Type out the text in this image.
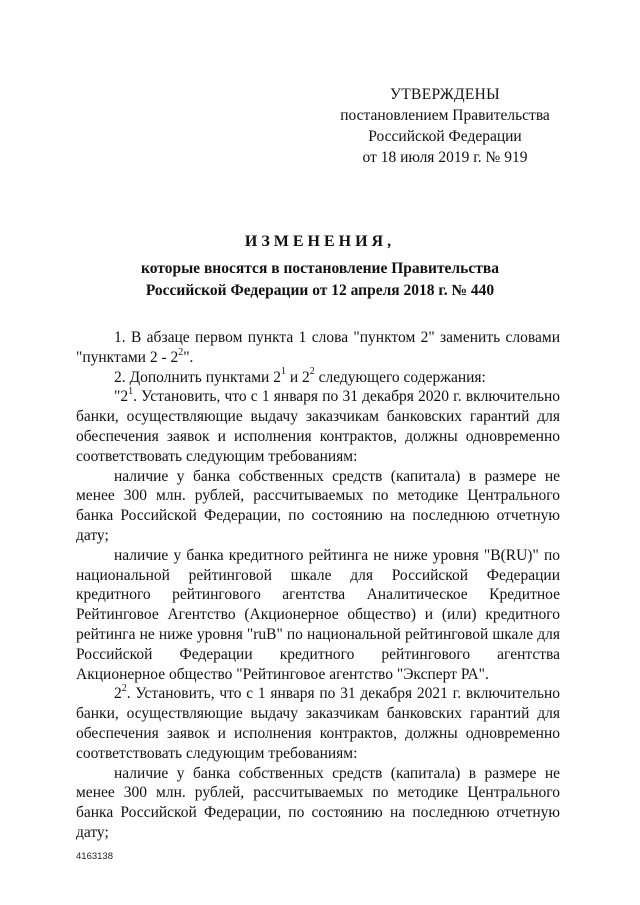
УТВЕРЖДЕНЫ
постановлением Правительства
Российской Федерации
от 18 июля 2019 г. № 919
ИЗМЕНЕНИЯ,
которые вносятся в постановление Правительства
Российской Федерации от 12 апреля 2018 г. № 440

1. В абзаце первом пункта 1 слова "пунктом 2" заменить словами "пунктами $2 - 2^2$".

2. Дополнить пунктами $2^1$ и $2^2$ следующего содержания:

"$2^1$. Установить, что с 1 января по 31 декабря 2020 г. включительно банки, осуществляющие выдачу заказчикам банковских гарантий для обеспечения заявок и исполнения контрактов, должны одновременно соответствовать следующим требованиям:

наличие у банка собственных средств (капитала) в размере не менее 300 млн. рублей, рассчитываемых по методике Центрального банка Российской Федерации, по состоянию на последнюю отчетную дату;

наличие у банка кредитного рейтинга не ниже уровня "B(RU)" по национальной рейтинговой шкале для Российской Федерации кредитного рейтингового агентства Аналитическое Кредитное Рейтинговое Агентство (Акционерное общество) и (или) кредитного рейтинга не ниже уровня "ruB" по национальной рейтинговой шкале для Российской Федерации кредитного рейтингового агентства Акционерное общество "Рейтинговое агентство "Эксперт РА".

$2^2$. Установить, что с 1 января по 31 декабря 2021 г. включительно банки, осуществляющие выдачу заказчикам банковских гарантий для обеспечения заявок и исполнения контрактов, должны одновременно соответствовать следующим требованиям:

наличие у банка собственных средств (капитала) в размере не менее 300 млн. рублей, рассчитываемых по методике Центрального банка Российской Федерации, по состоянию на последнюю отчетную дату;

4163138
